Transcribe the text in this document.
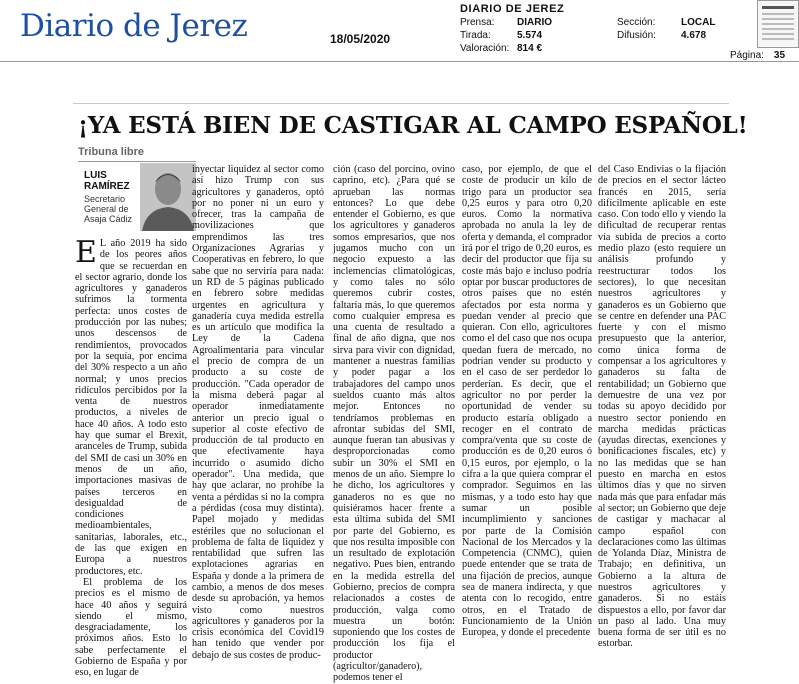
Diario de Jerez	18/05/2020
DIARIO DE JEREZ
Prensa: DIARIO	Sección:	LOCAL
Tirada:	5.574	Difusión:	4.678
Valoración: 814 €
Página: 35
¡YA ESTÁ BIEN DE CASTIGAR AL CAMPO ESPAÑOL!
Tribuna libre
LUIS RAMÍREZ
Secretario General de Asaja Cádiz

E L año 2019 ha sido de los peores años que se recuerdan en el sector agrario, donde los agricultores y ganaderos sufrimos la tormenta perfecta: unos costes de producción por las nubes; unos descensos de rendimientos, provocados por la sequía, por encima del 30% respecto a un año normal; y unos precios ridículos percibidos por la venta de nuestros productos, a niveles de hace 40 años. A todo esto hay que sumar el Brexit, aranceles de Trump, subida del SMI de casi un 30% en menos de un año, importaciones masivas de países terceros en desigualdad de condiciones medioambientales, sanitarias, laborales, etc., de las que exigen en Europa a nuestros productores, etc.

El problema de los precios es el mismo de hace 40 años y seguirá siendo el mismo, desgraciadamente, los próximos años. Esto lo sabe perfectamente el Gobierno de España y por eso, en lugar de

inyectar liquidez al sector como así hizo Trump con sus agricultores y ganaderos, optó por no poner ni un euro y ofrecer, tras la campaña de movilizaciones que emprendimos las tres Organizaciones Agrarias y Cooperativas en febrero, lo que sabe que no serviría para nada: un RD de 5 páginas publicado en febrero sobre medidas urgentes en agricultura y ganadería cuya medida estrella es un artículo que modifica la Ley de la Cadena Agroalimentaria para vincular el precio de compra de un producto a su coste de producción. "Cada operador de la misma deberá pagar al operador inmediatamente anterior un precio igual o superior al coste efectivo de producción de tal producto en que efectivamente haya incurrido o asumido dicho operador". Una medida, que hay que aclarar, no prohíbe la venta a pérdidas si no la compra a pérdidas (cosa muy distinta). Papel mojado y medidas estériles que no solucionan el problema de falta de liquidez y rentabilidad que sufren las explotaciones agrarias en España y donde a la primera de cambio, a menos de dos meses desde su aprobación, ya hemos visto como nuestros agricultores y ganaderos por la crisis económica del Covid19 han tenido que vender por debajo de sus costes de produc-

ción (caso del porcino, ovino caprino, etc). ¿Para qué se aprueban las normas entonces? Lo que debe entender el Gobierno, es que los agricultores y ganaderos somos empresarios, que nos jugamos mucho con un negocio expuesto a las inclemencias climatológicas, y como tales no sólo queremos cubrir costes, faltaría más, lo que queremos como cualquier empresa es una cuenta de resultado a final de año digna, que nos sirva para vivir con dignidad, mantener a nuestras familias y poder pagar a los trabajadores del campo unos sueldos cuanto más altos mejor. Entonces no tendríamos problemas en afrontar subidas del SMI, aunque fueran tan abusivas y desproporcionadas como subir un 30% el SMI en menos de un año. Siempre lo he dicho, los agricultores y ganaderos no es que no quisiéramos hacer frente a esta última subida del SMI por parte del Gobierno, es que nos resulta imposible con un resultado de explotación negativo. Pues bien, entrando en la medida estrella del Gobierno, precios de compra relacionados a costes de producción, valga como muestra un botón: suponiendo que los costes de producción los fija el productor (agricultor/ganadero), podemos tener el

caso, por ejemplo, de que el coste de producir un kilo de trigo para un productor sea 0,25 euros y para otro 0,20 euros. Como la normativa aprobada no anula la ley de oferta y demanda, el comprador irá por el trigo de 0,20 euros, es decir del productor que fija su coste más bajo e incluso podría optar por buscar productores de otros países que no estén afectados por esta norma y puedan vender al precio que quieran. Con ello, agricultores como el del caso que nos ocupa quedan fuera de mercado, no podrían vender su producto y en el caso de ser perdedor lo perderían. Es decir, que el agricultor no por perder la oportunidad de vender su producto estaría obligado a recoger en el contrato de compra/venta que su coste de producción es de 0,20 euros ó 0,15 euros, por ejemplo, o la cifra a la que quiera comprar el comprador. Seguimos en las mismas, y a todo esto hay que sumar un posible incumplimiento y sanciones por parte de la Comisión Nacional de los Mercados y la Competencia (CNMC), quien puede entender que se trata de una fijación de precios, aunque sea de manera indirecta, y que atenta con lo recogido, entre otros, en el Tratado de Funcionamiento de la Unión Europea, y donde el precedente

del Caso Endivias o la fijación de precios en el sector lácteo francés en 2015, sería difícilmente aplicable en este caso. Con todo ello y viendo la dificultad de recuperar rentas vía subida de precios a corto medio plazo (esto requiere un análisis profundo y reestructurar todos los sectores), lo que necesitan nuestros agricultores y ganaderos es un Gobierno que se centre en defender una PAC fuerte y con el mismo presupuesto que la anterior, como única forma de compensar a los agricultores y ganaderos su falta de rentabilidad; un Gobierno que demuestre de una vez por todas su apoyo decidido por nuestro sector poniendo en marcha medidas prácticas (ayudas directas, exenciones y bonificaciones fiscales, etc) y no las medidas que se han puesto en marcha en estos últimos días y que no sirven nada más que para enfadar más al sector; un Gobierno que deje de castigar y machacar al campo español con declaraciones como las últimas de Yolanda Díaz, Ministra de Trabajo; en definitiva, un Gobierno a la altura de nuestros agricultores y ganaderos. Si no estáis dispuestos a ello, por favor dar un paso al lado. Una muy buena forma de ser útil es no estorbar.
